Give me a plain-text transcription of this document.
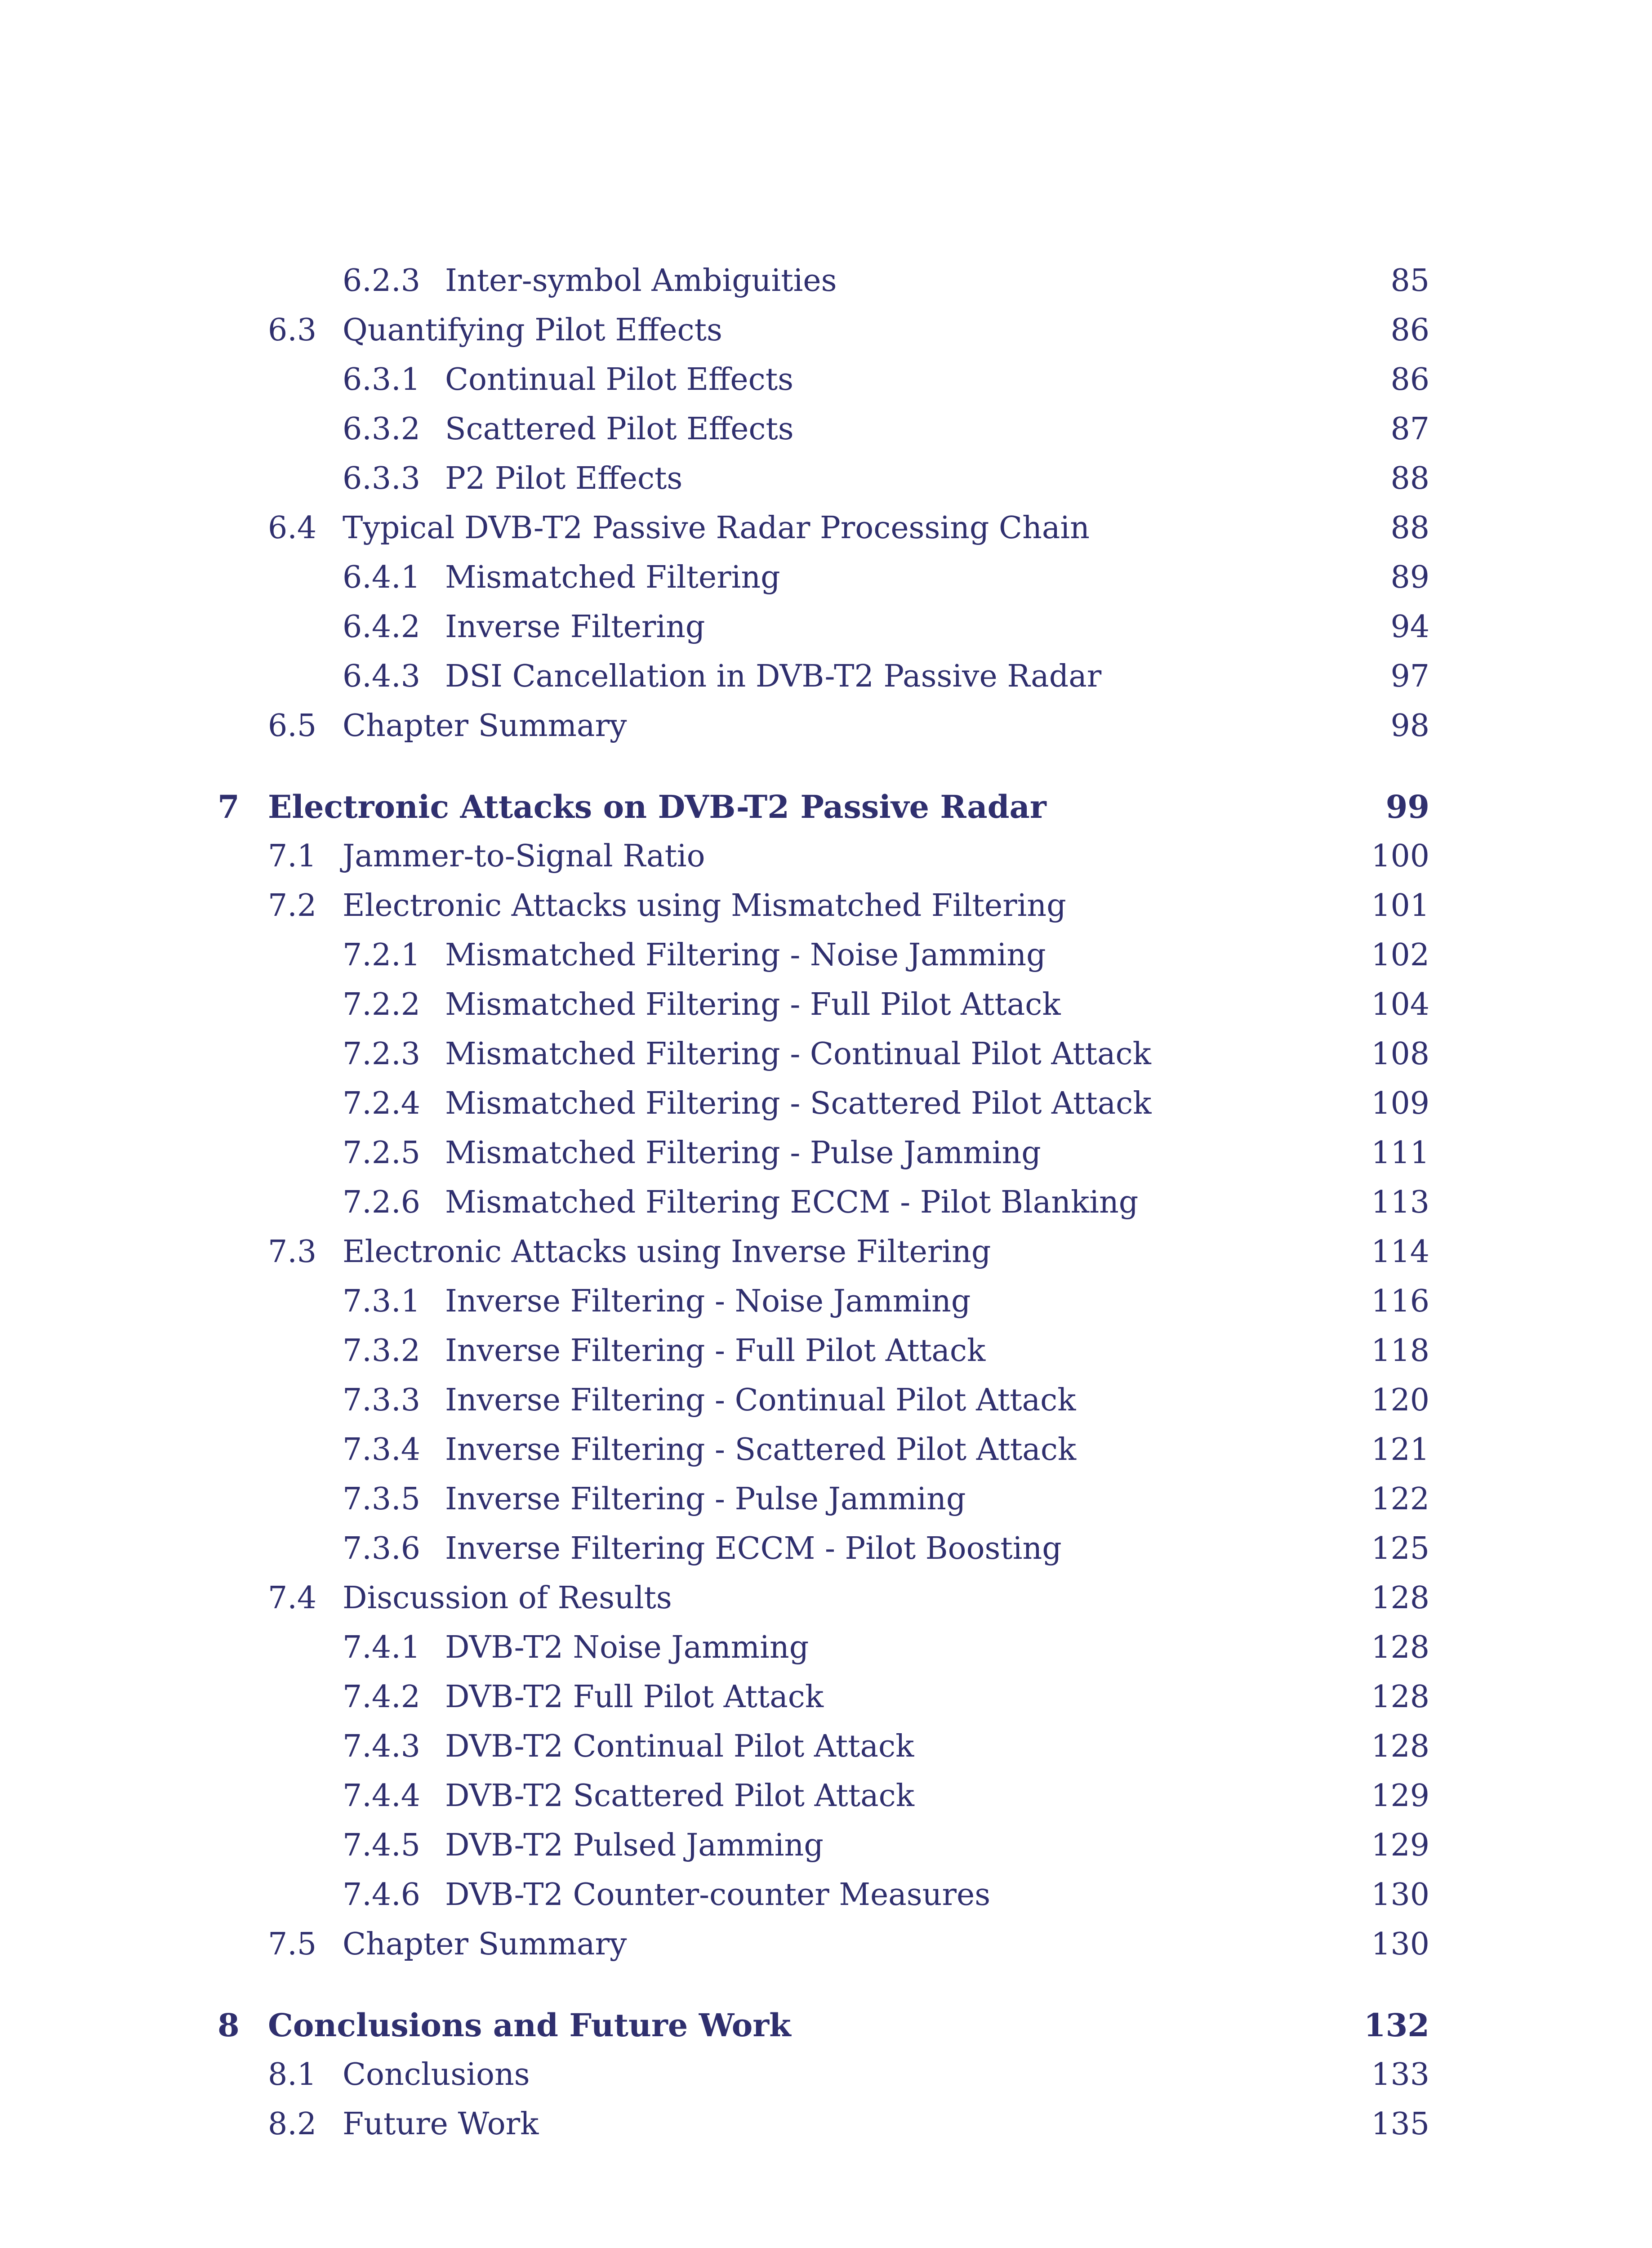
6.2.3 Inter-symbol Ambiguities	85
6.3 Quantifying Pilot Effects	86
6.3.1 Continual Pilot Effects	86
6.3.2 Scattered Pilot Effects	87
6.3.3 P2 Pilot Effects	88
6.4 Typical DVB-T2 Passive Radar Processing Chain	88
6.4.1 Mismatched Filtering	89
6.4.2 Inverse Filtering	94
6.4.3 DSI Cancellation in DVB-T2 Passive Radar	97
6.5 Chapter Summary	98
7 Electronic Attacks on DVB-T2 Passive Radar	99
7.1 Jammer-to-Signal Ratio	100
7.2 Electronic Attacks using Mismatched Filtering	101
7.2.1 Mismatched Filtering - Noise Jamming	102
7.2.2 Mismatched Filtering - Full Pilot Attack	104
7.2.3 Mismatched Filtering - Continual Pilot Attack	108
7.2.4 Mismatched Filtering - Scattered Pilot Attack	109
7.2.5 Mismatched Filtering - Pulse Jamming	111
7.2.6 Mismatched Filtering ECCM - Pilot Blanking	113
7.3 Electronic Attacks using Inverse Filtering	114
7.3.1 Inverse Filtering - Noise Jamming	116
7.3.2 Inverse Filtering - Full Pilot Attack	118
7.3.3 Inverse Filtering - Continual Pilot Attack	120
7.3.4 Inverse Filtering - Scattered Pilot Attack	121
7.3.5 Inverse Filtering - Pulse Jamming	122
7.3.6 Inverse Filtering ECCM - Pilot Boosting	125
7.4 Discussion of Results	128
7.4.1 DVB-T2 Noise Jamming	128
7.4.2 DVB-T2 Full Pilot Attack	128
7.4.3 DVB-T2 Continual Pilot Attack	128
7.4.4 DVB-T2 Scattered Pilot Attack	129
7.4.5 DVB-T2 Pulsed Jamming	129
7.4.6 DVB-T2 Counter-counter Measures	130
7.5 Chapter Summary	130
8 Conclusions and Future Work	132
8.1 Conclusions	133
8.2 Future Work	135
